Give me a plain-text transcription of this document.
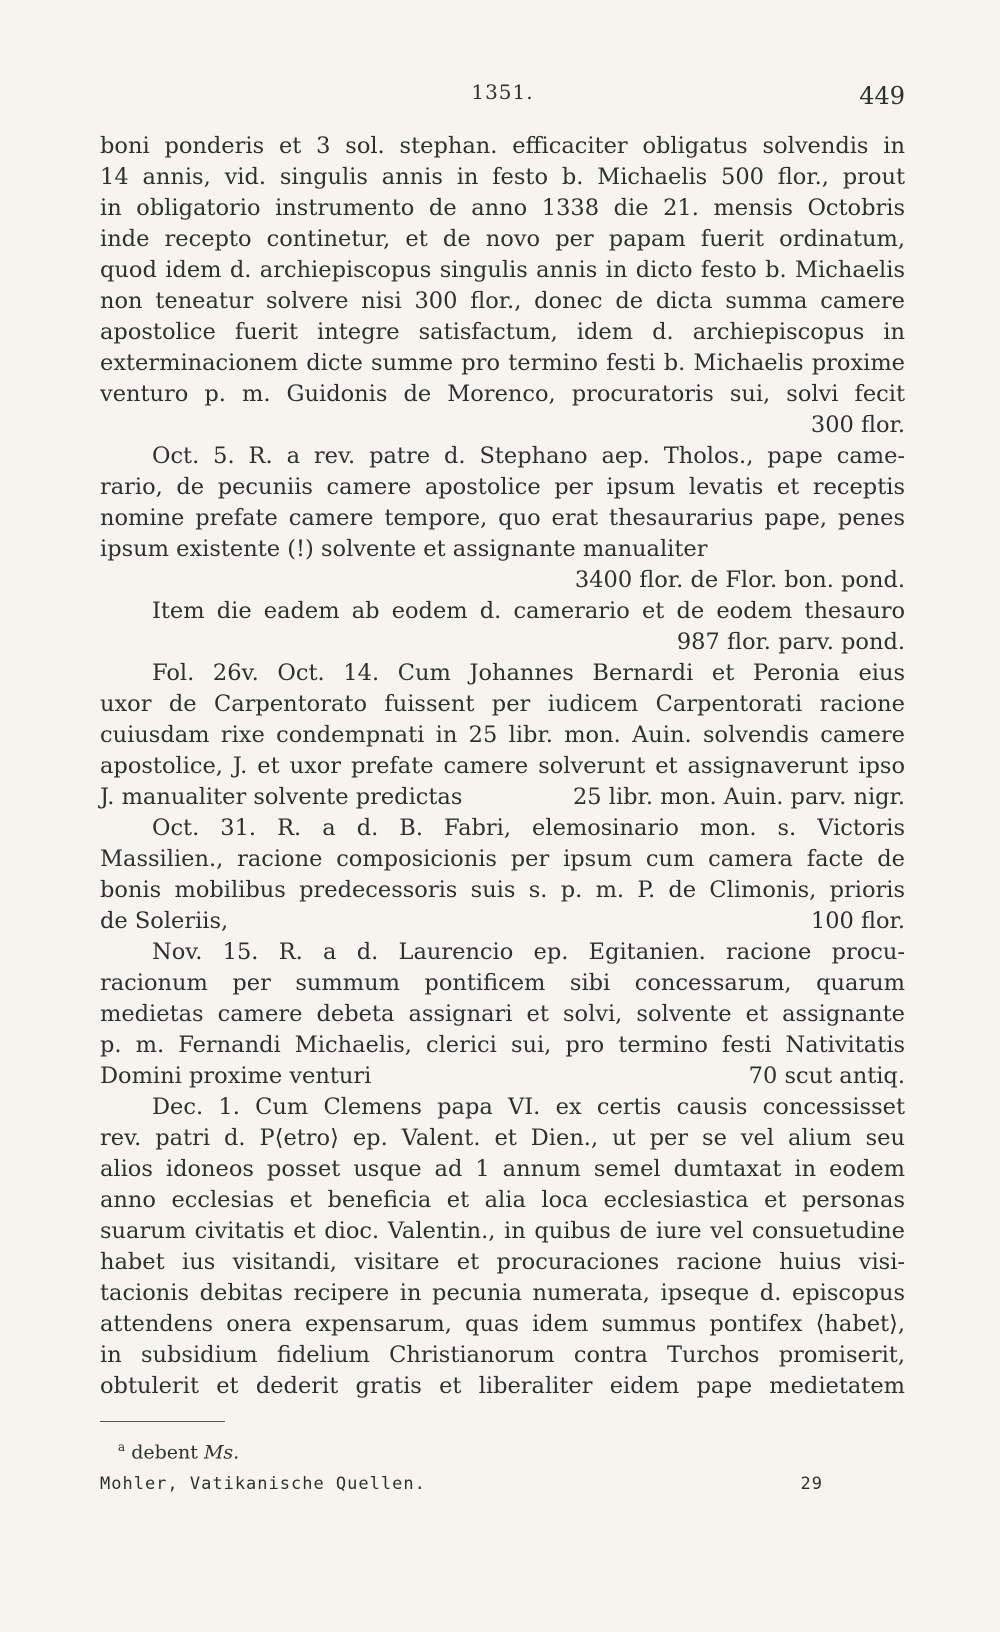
1351.	449
boni ponderis et 3 sol. stephan. efficaciter obligatus solvendis in
14 annis, vid. singulis annis in festo b. Michaelis 500 flor., prout
in obligatorio instrumento de anno 1338 die 21. mensis Octobris
inde recepto continetur, et de novo per papam fuerit ordinatum,
quod idem d. archiepiscopus singulis annis in dicto festo b. Michaelis
non teneatur solvere nisi 300 flor., donec de dicta summa camere
apostolice fuerit integre satisfactum, idem d. archiepiscopus in
exterminacionem dicte summe pro termino festi b. Michaelis proxime
venturo p. m. Guidonis de Morenco, procuratoris sui, solvi fecit
300 flor.
Oct. 5. R. a rev. patre d. Stephano aep. Tholos., pape came-
rario, de pecuniis camere apostolice per ipsum levatis et receptis
nomine prefate camere tempore, quo erat thesaurarius pape, penes
ipsum existente (!) solvente et assignante manualiter
3400 flor. de Flor. bon. pond.
Item die eadem ab eodem d. camerario et de eodem thesauro
987 flor. parv. pond.
Fol. 26v. Oct. 14. Cum Johannes Bernardi et Peronia eius
uxor de Carpentorato fuissent per iudicem Carpentorati racione
cuiusdam rixe condempnati in 25 libr. mon. Auin. solvendis camere
apostolice, J. et uxor prefate camere solverunt et assignaverunt ipso
J. manualiter solvente predictas	25 libr. mon. Auin. parv. nigr.
Oct. 31. R. a d. B. Fabri, elemosinario mon. s. Victoris
Massilien., racione composicionis per ipsum cum camera facte de
bonis mobilibus predecessoris suis s. p. m. P. de Climonis, prioris
de Soleriis,	100 flor.
Nov. 15. R. a d. Laurencio ep. Egitanien. racione procu-
racionum per summum pontificem sibi concessarum, quarum
medietas camere debeta assignari et solvi, solvente et assignante
p. m. Fernandi Michaelis, clerici sui, pro termino festi Nativitatis
Domini proxime venturi	70 scut antiq.
Dec. 1. Cum Clemens papa VI. ex certis causis concessisset
rev. patri d. P⟨etro⟩ ep. Valent. et Dien., ut per se vel alium seu
alios idoneos posset usque ad 1 annum semel dumtaxat in eodem
anno ecclesias et beneficia et alia loca ecclesiastica et personas
suarum civitatis et dioc. Valentin., in quibus de iure vel consuetudine
habet ius visitandi, visitare et procuraciones racione huius visi-
tacionis debitas recipere in pecunia numerata, ipseque d. episcopus
attendens onera expensarum, quas idem summus pontifex ⟨habet⟩,
in subsidium fidelium Christianorum contra Turchos promiserit,
obtulerit et dederit gratis et liberaliter eidem pape medietatem
$^a$ debent Ms.
Mohler, Vatikanische Quellen.	29
